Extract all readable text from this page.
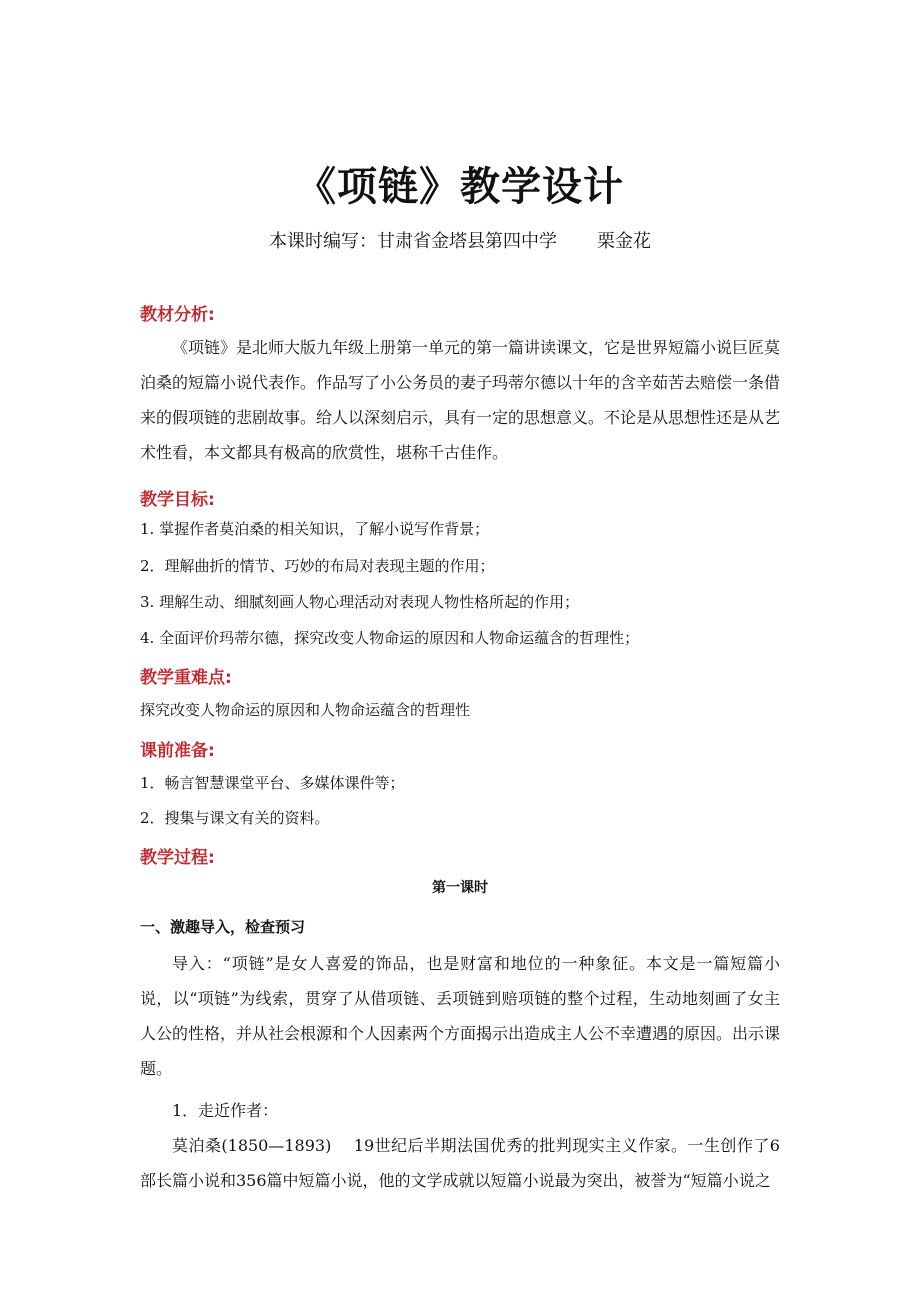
《项链》教学设计
本课时编写：甘肃省金塔县第四中学 栗金花
教材分析:
《项链》是北师大版九年级上册第一单元的第一篇讲读课文，它是世界短篇小说巨匠莫泊桑的短篇小说代表作。作品写了小公务员的妻子玛蒂尔德以十年的含辛茹苦去赔偿一条借来的假项链的悲剧故事。给人以深刻启示，具有一定的思想意义。不论是从思想性还是从艺术性看，本文都具有极高的欣赏性，堪称千古佳作。
教学目标:
1. 掌握作者莫泊桑的相关知识，了解小说写作背景；
2．理解曲折的情节、巧妙的布局对表现主题的作用；
3. 理解生动、细腻刻画人物心理活动对表现人物性格所起的作用；
4. 全面评价玛蒂尔德，探究改变人物命运的原因和人物命运蕴含的哲理性；
教学重难点:
探究改变人物命运的原因和人物命运蕴含的哲理性
课前准备:
1．畅言智慧课堂平台、多媒体课件等；
2．搜集与课文有关的资料。
教学过程:
第一课时
一、激趣导入，检查预习
导入：“项链”是女人喜爱的饰品，也是财富和地位的一种象征。本文是一篇短篇小说，以“项链”为线索，贯穿了从借项链、丢项链到赔项链的整个过程，生动地刻画了女主人公的性格，并从社会根源和个人因素两个方面揭示出造成主人公不幸遭遇的原因。出示课题。
1．走近作者：
莫泊桑(1850—1893)　 19世纪后半期法国优秀的批判现实主义作家。一生创作了6部长篇小说和356篇中短篇小说，他的文学成就以短篇小说最为突出，被誉为“短篇小说之
